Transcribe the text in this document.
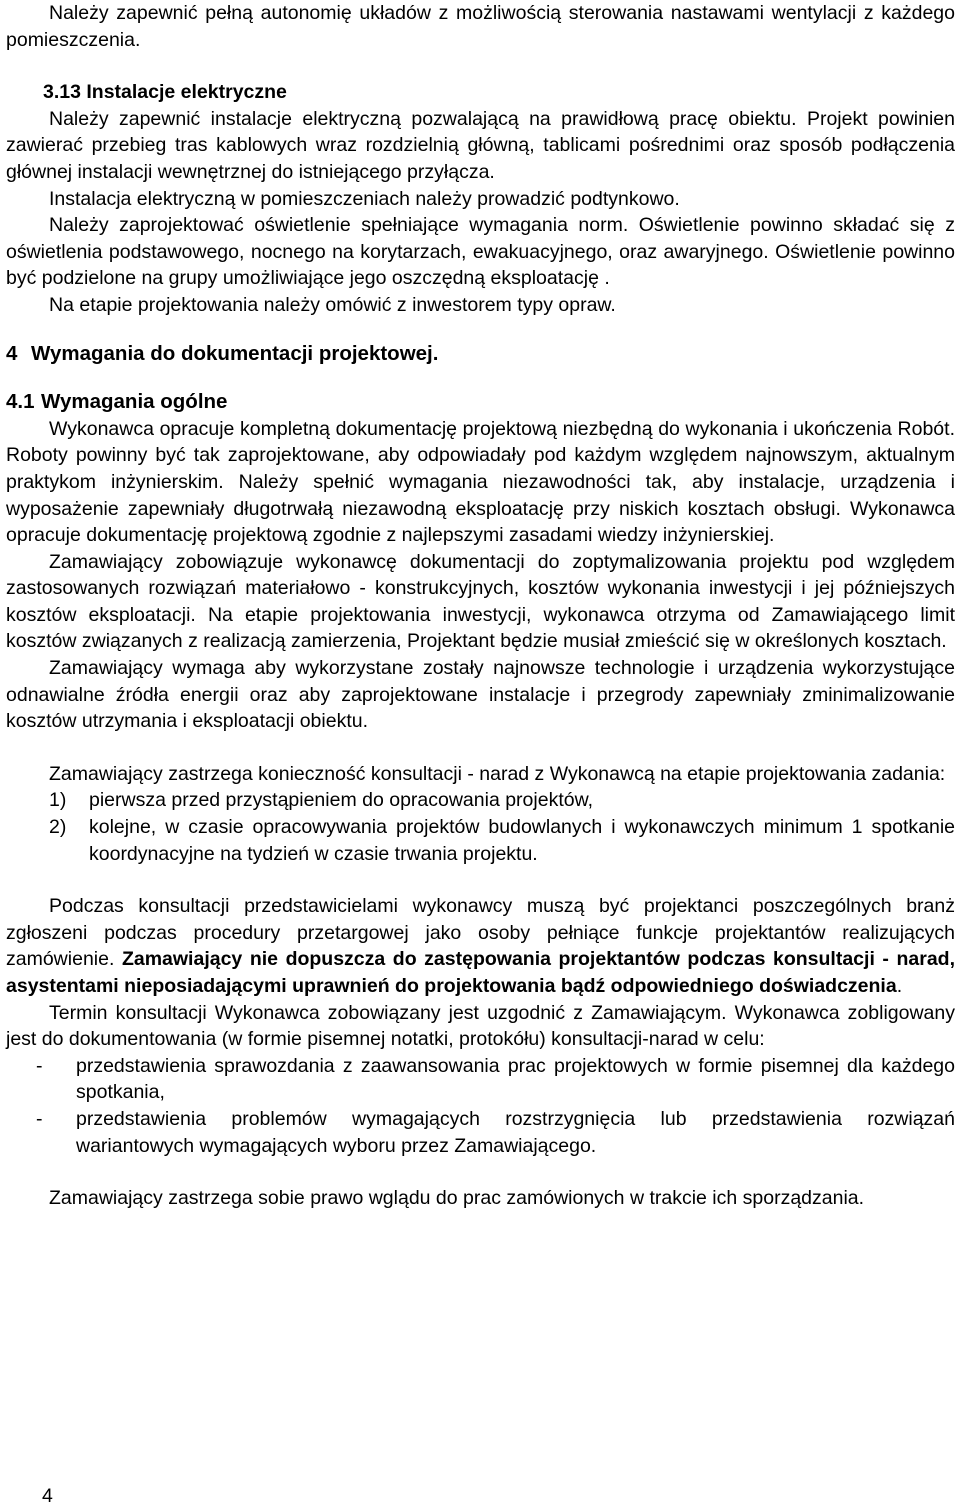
Należy zapewnić pełną autonomię układów z możliwością sterowania nastawami wentylacji z każdego pomieszczenia.

3.13 Instalacje elektryczne

Należy zapewnić instalacje elektryczną pozwalającą na prawidłową pracę obiektu. Projekt powinien zawierać przebieg tras kablowych wraz rozdzielnią główną, tablicami pośrednimi oraz sposób podłączenia głównej instalacji wewnętrznej do istniejącego przyłącza.

Instalacja elektryczną w pomieszczeniach należy prowadzić podtynkowo.

Należy zaprojektować oświetlenie spełniające wymagania norm. Oświetlenie powinno składać się z oświetlenia podstawowego, nocnego na korytarzach, ewakuacyjnego, oraz awaryjnego. Oświetlenie powinno być podzielone na grupy umożliwiające jego oszczędną eksploatację .

Na etapie projektowania należy omówić z inwestorem typy opraw.

4 Wymagania do dokumentacji projektowej.

4.1 Wymagania ogólne

Wykonawca opracuje kompletną dokumentację projektową niezbędną do wykonania i ukończenia Robót. Roboty powinny być tak zaprojektowane, aby odpowiadały pod każdym względem najnowszym, aktualnym praktykom inżynierskim. Należy spełnić wymagania niezawodności tak, aby instalacje, urządzenia i wyposażenie zapewniały długotrwałą niezawodną eksploatację przy niskich kosztach obsługi. Wykonawca opracuje dokumentację projektową zgodnie z najlepszymi zasadami wiedzy inżynierskiej.

Zamawiający zobowiązuje wykonawcę dokumentacji do zoptymalizowania projektu pod względem zastosowanych rozwiązań materiałowo - konstrukcyjnych, kosztów wykonania inwestycji i jej późniejszych kosztów eksploatacji. Na etapie projektowania inwestycji, wykonawca otrzyma od Zamawiającego limit kosztów związanych z realizacją zamierzenia, Projektant będzie musiał zmieścić się w określonych kosztach.

Zamawiający wymaga aby wykorzystane zostały najnowsze technologie i urządzenia wykorzystujące odnawialne źródła energii oraz aby zaprojektowane instalacje i przegrody zapewniały zminimalizowanie kosztów utrzymania i eksploatacji obiektu.

Zamawiający zastrzega konieczność konsultacji - narad z Wykonawcą na etapie projektowania zadania:

1)	pierwsza przed przystąpieniem do opracowania projektów,
2)	kolejne, w czasie opracowywania projektów budowlanych i wykonawczych minimum 1 spotkanie koordynacyjne na tydzień w czasie trwania projektu.

Podczas konsultacji przedstawicielami wykonawcy muszą być projektanci poszczególnych branż zgłoszeni podczas procedury przetargowej jako osoby pełniące funkcje projektantów realizujących zamówienie. Zamawiający nie dopuszcza do zastępowania projektantów podczas konsultacji - narad, asystentami nieposiadającymi uprawnień do projektowania bądź odpowiedniego doświadczenia.

Termin konsultacji Wykonawca zobowiązany jest uzgodnić z Zamawiającym. Wykonawca zobligowany jest do dokumentowania (w formie pisemnej notatki, protokółu) konsultacji-narad w celu:

-	przedstawienia sprawozdania z zaawansowania prac projektowych w formie pisemnej dla każdego spotkania,
-	przedstawienia problemów wymagających rozstrzygnięcia lub przedstawienia rozwiązań wariantowych wymagających wyboru przez Zamawiającego.

Zamawiający zastrzega sobie prawo wglądu do prac zamówionych w trakcie ich sporządzania.

4
